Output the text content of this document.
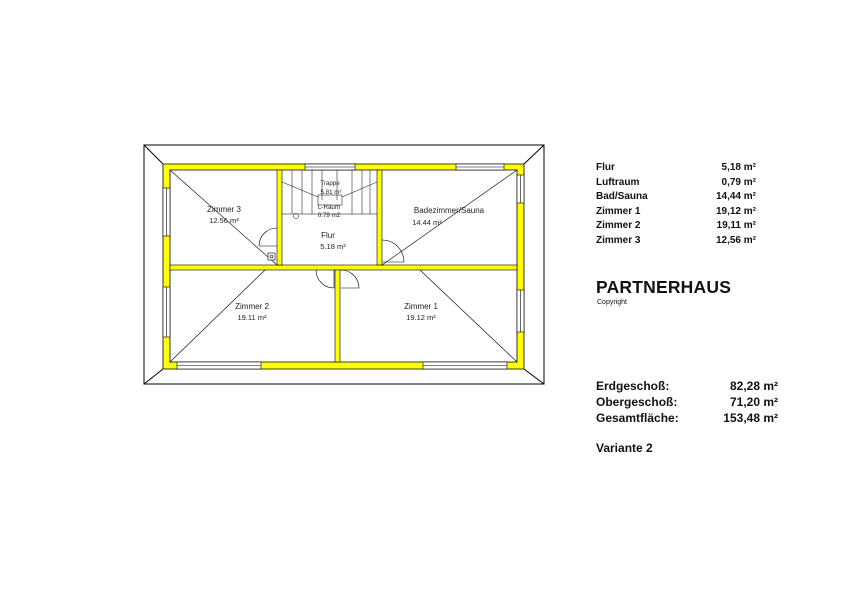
Zimmer 3
12.56 m²
Trappe
5.81 m²
L-Raum
0.79 m2
Flur
5.18 m²
Badezimmer/Sauna
14.44 m²
Zimmer 2
19.11 m²
Zimmer 1
19.12 m²
Flur	5,18 m²
Luftraum	0,79 m²
Bad/Sauna	14,44 m²
Zimmer 1	19,12 m²
Zimmer 2	19,11 m²
Zimmer 3	12,56 m²
PARTNERHAUS
Copyright
Erdgeschoß:	82,28 m²
Obergeschoß:	71,20 m²
Gesamtfläche:	153,48 m²
Variante 2
